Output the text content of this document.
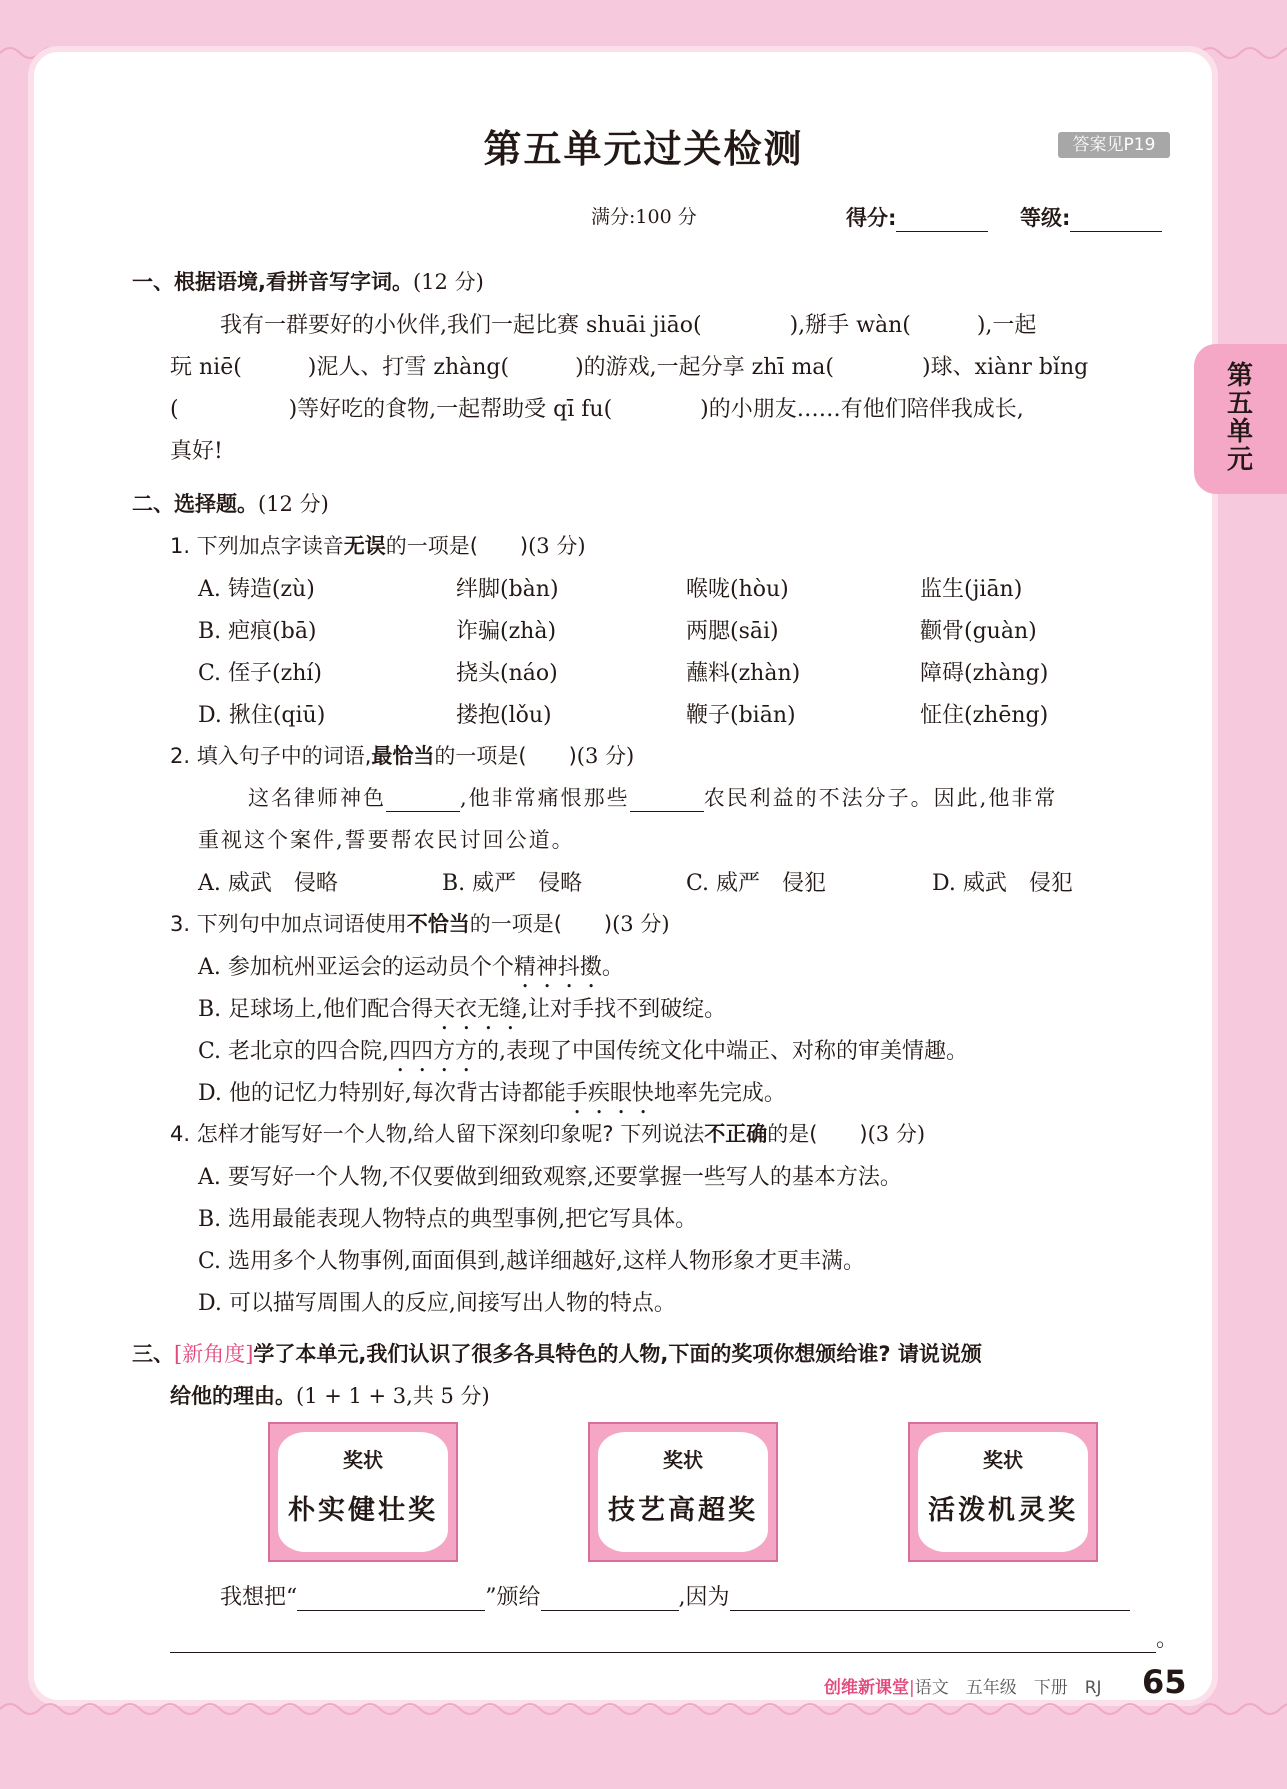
第五单元过关检测	答案见P19
满分:100 分	得分:	等级:
第五单元
一、根据语境,看拼音写字词。(12 分)
我有一群要好的小伙伴,我们一起比赛 shuāi jiāo(　　　　),掰手 wàn(　　　),一起
玩 niē(　　　)泥人、打雪 zhàng(　　　)的游戏,一起分享 zhī ma(　　　　)球、xiànr bǐng
(　　　　　)等好吃的食物,一起帮助受 qī fu(　　　　)的小朋友……有他们陪伴我成长,
真好!
二、选择题。(12 分)
1. 下列加点字读音无误的一项是(　　)(3 分)
A. 铸造(zù)	绊脚(bàn)	喉咙(hòu)	监生(jiān)
B. 疤痕(bā)	诈骗(zhà)	两腮(sāi)	颧骨(guàn)
C. 侄子(zhí)	挠头(náo)	蘸料(zhàn)	障碍(zhàng)
D. 揪住(qiū)	搂抱(lǒu)	鞭子(biān)	怔住(zhēng)
2. 填入句子中的词语,最恰当的一项是(　　)(3 分)
这名律师神色	,他非常痛恨那些	农民利益的不法分子。因此,他非常
重视这个案件,誓要帮农民讨回公道。
A. 威武　侵略	B. 威严　侵略	C. 威严　侵犯	D. 威武　侵犯
3. 下列句中加点词语使用不恰当的一项是(　　)(3 分)
A. 参加杭州亚运会的运动员个个精神抖擞。
B. 足球场上,他们配合得天衣无缝,让对手找不到破绽。
C. 老北京的四合院,四四方方的,表现了中国传统文化中端正、对称的审美情趣。
D. 他的记忆力特别好,每次背古诗都能手疾眼快地率先完成。
4. 怎样才能写好一个人物,给人留下深刻印象呢? 下列说法不正确的是(　　)(3 分)
A. 要写好一个人物,不仅要做到细致观察,还要掌握一些写人的基本方法。
B. 选用最能表现人物特点的典型事例,把它写具体。
C. 选用多个人物事例,面面俱到,越详细越好,这样人物形象才更丰满。
D. 可以描写周围人的反应,间接写出人物的特点。
三、[新角度]学了本单元,我们认识了很多各具特色的人物,下面的奖项你想颁给谁? 请说说颁
给他的理由。(1 + 1 + 3,共 5 分)
奖状
朴实健壮奖
奖状
技艺高超奖
奖状
活泼机灵奖
我想把“	”颁给	,因为
。
创维新课堂|语文　五年级　下册　RJ 65
